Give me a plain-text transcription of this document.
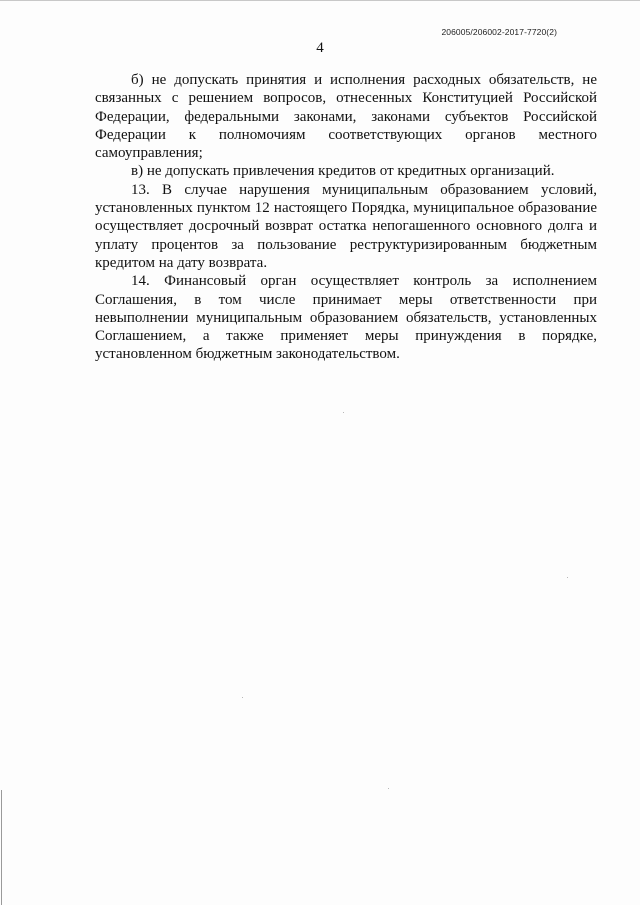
206005/206002-2017-7720(2)
4

б) не допускать принятия и исполнения расходных обязательств, не связанных с решением вопросов, отнесенных Конституцией Российской Федерации, федеральными законами, законами субъектов Российской Федерации к полномочиям соответствующих органов местного самоуправления;

в) не допускать привлечения кредитов от кредитных организаций.

13. В случае нарушения муниципальным образованием условий, установленных пунктом 12 настоящего Порядка, муниципальное образование осуществляет досрочный возврат остатка непогашенного основного долга и уплату процентов за пользование реструктуризированным бюджетным кредитом на дату возврата.

14. Финансовый орган осуществляет контроль за исполнением Соглашения, в том числе принимает меры ответственности при невыполнении муниципальным образованием обязательств, установленных Соглашением, а также применяет меры принуждения в порядке, установленном бюджетным законодательством.
